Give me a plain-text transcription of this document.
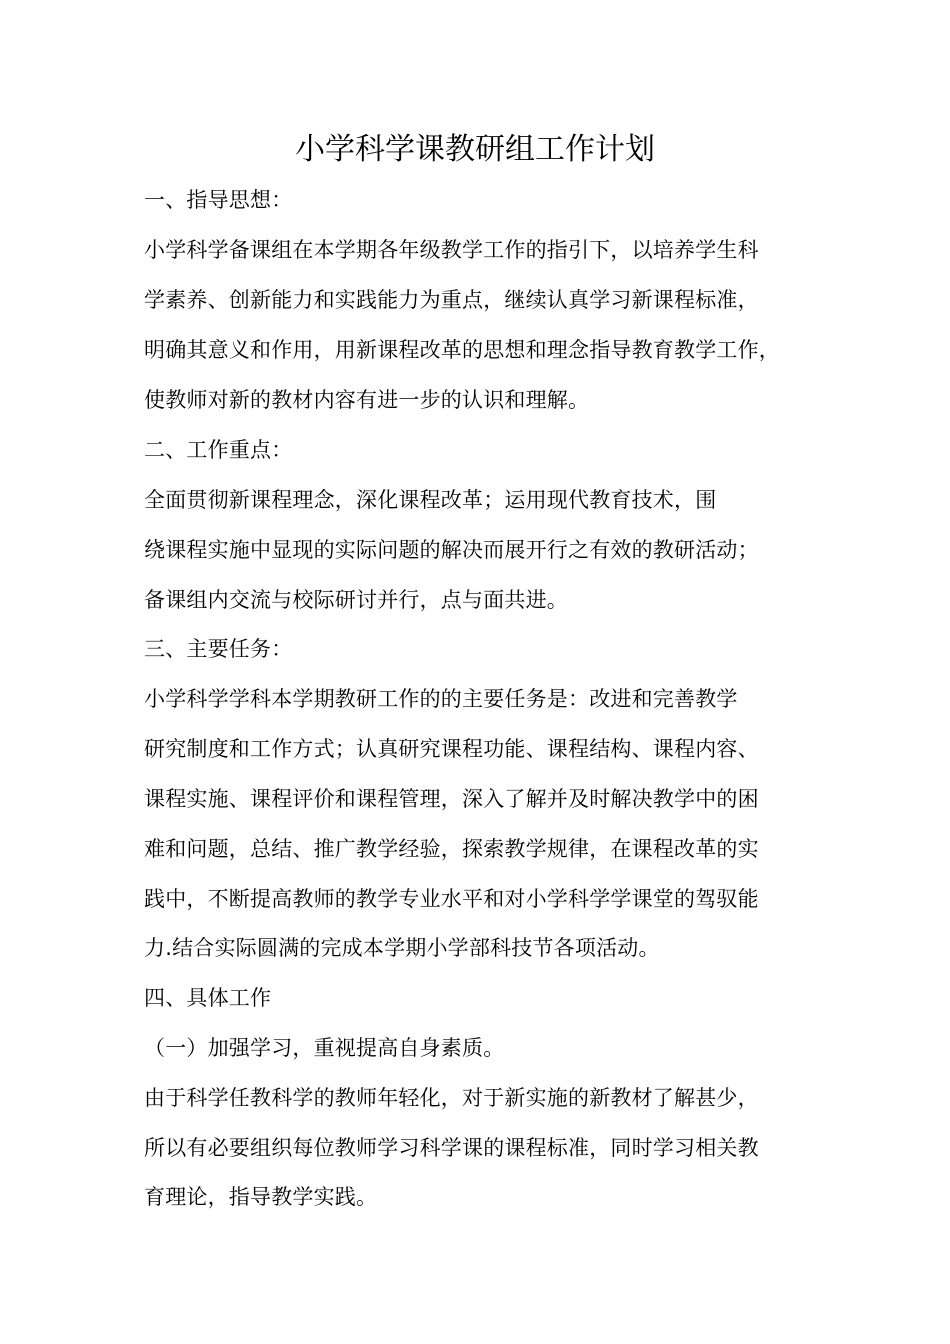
小学科学课教研组工作计划
一、指导思想：
小学科学备课组在本学期各年级教学工作的指引下，以培养学生科
学素养、创新能力和实践能力为重点，继续认真学习新课程标准，
明确其意义和作用，用新课程改革的思想和理念指导教育教学工作，
使教师对新的教材内容有进一步的认识和理解。
二、工作重点：
全面贯彻新课程理念，深化课程改革；运用现代教育技术，围
绕课程实施中显现的实际问题的解决而展开行之有效的教研活动；
备课组内交流与校际研讨并行，点与面共进。
三、主要任务：
小学科学学科本学期教研工作的的主要任务是：改进和完善教学
研究制度和工作方式；认真研究课程功能、课程结构、课程内容、
课程实施、课程评价和课程管理，深入了解并及时解决教学中的困
难和问题，总结、推广教学经验，探索教学规律，在课程改革的实
践中，不断提高教师的教学专业水平和对小学科学学课堂的驾驭能
力.结合实际圆满的完成本学期小学部科技节各项活动。
四、具体工作
（一）加强学习，重视提高自身素质。
由于科学任教科学的教师年轻化，对于新实施的新教材了解甚少，
所以有必要组织每位教师学习科学课的课程标准，同时学习相关教
育理论，指导教学实践。
